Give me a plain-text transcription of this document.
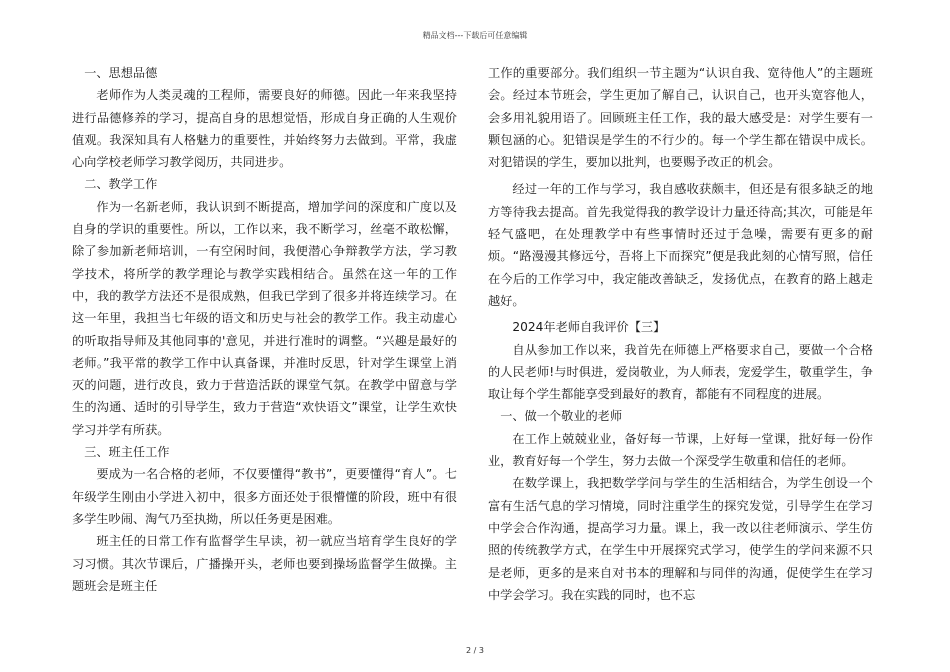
精品文档---下载后可任意编辑

一、思想品德

老师作为人类灵魂的工程师，需要良好的师德。因此一年来我坚持进行品德修养的学习，提高自身的思想觉悟，形成自身正确的人生观价值观。我深知具有人格魅力的重要性，并始终努力去做到。平常，我虚心向学校老师学习教学阅历，共同进步。

二、教学工作

作为一名新老师，我认识到不断提高，增加学问的深度和广度以及自身的学识的重要性。所以，工作以来，我不断学习，丝毫不敢松懈，除了参加新老师培训，一有空闲时间，我便潜心争辩教学方法，学习教学技术，将所学的教学理论与教学实践相结合。虽然在这一年的工作中，我的教学方法还不是很成熟，但我已学到了很多并将连续学习。在这一年里，我担当七年级的语文和历史与社会的教学工作。我主动虚心的听取指导师及其他同事的'意见，并进行准时的调整。“兴趣是最好的老师。”我平常的教学工作中认真备课，并准时反思，针对学生课堂上消灭的问题，进行改良，致力于营造活跃的课堂气氛。在教学中留意与学生的沟通、适时的引导学生，致力于营造“欢快语文”课堂，让学生欢快学习并学有所获。

三、班主任工作

要成为一名合格的老师，不仅要懂得“教书”，更要懂得“育人”。七年级学生刚由小学进入初中，很多方面还处于很懵懂的阶段，班中有很多学生吵闹、淘气乃至执拗，所以任务更是困难。

班主任的日常工作有监督学生早读，初一就应当培育学生良好的学习习惯。其次节课后，广播操开头，老师也要到操场监督学生做操。主题班会是班主任

工作的重要部分。我们组织一节主题为“认识自我、宽待他人”的主题班会。经过本节班会，学生更加了解自己，认识自己，也开头宽容他人，会多用礼貌用语了。回顾班主任工作，我的最大感受是：对学生要有一颗包涵的心。犯错误是学生的不行少的。每一个学生都在错误中成长。对犯错误的学生，要加以批判，也要赐予改正的机会。

经过一年的工作与学习，我自感收获颇丰，但还是有很多缺乏的地方等待我去提高。首先我觉得我的教学设计力量还待高;其次，可能是年轻气盛吧，在处理教学中有些事情时还过于急噪，需要有更多的耐烦。“路漫漫其修远兮，吾将上下而探究”便是我此刻的心情写照，信任在今后的工作学习中，我定能改善缺乏，发扬优点，在教育的路上越走越好。

2024年老师自我评价【三】

自从参加工作以来，我首先在师德上严格要求自己，要做一个合格的人民老师!与时俱进，爱岗敬业，为人师表，宠爱学生，敬重学生，争取让每个学生都能享受到最好的教育，都能有不同程度的进展。

一、做一个敬业的老师

在工作上兢兢业业，备好每一节课，上好每一堂课，批好每一份作业，教育好每一个学生，努力去做一个深受学生敬重和信任的老师。

在数学课上，我把数学学问与学生的生活相结合，为学生创设一个富有生活气息的学习情境，同时注重学生的探究发觉，引导学生在学习中学会合作沟通，提高学习力量。课上，我一改以往老师演示、学生仿照的传统教学方式，在学生中开展探究式学习，使学生的学问来源不只是老师，更多的是来自对书本的理解和与同伴的沟通，促使学生在学习中学会学习。我在实践的同时，也不忘

2 / 3
